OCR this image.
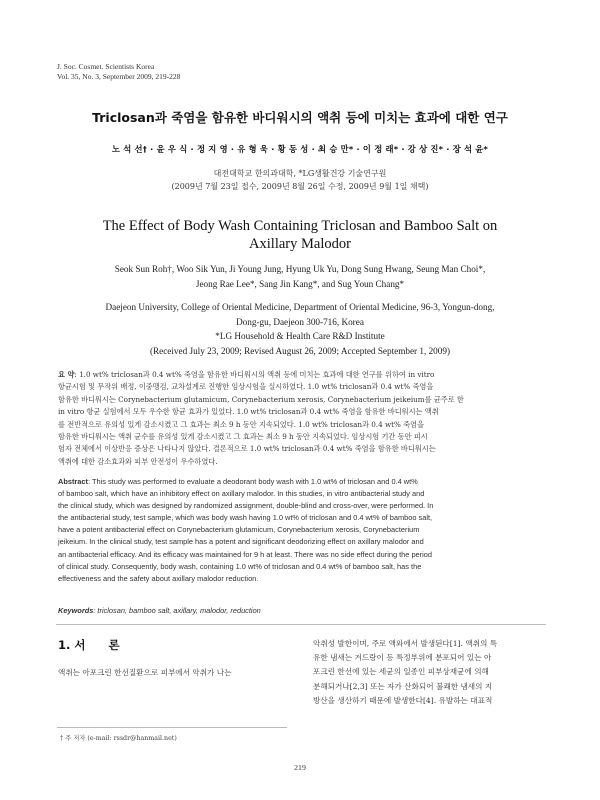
J. Soc. Cosmet. Scientists Korea
Vol. 35, No. 3, September 2009, 219-228
Triclosan과 죽염을 함유한 바디워시의 액취 등에 미치는 효과에 대한 연구
노 석 선† · 윤 우 식 · 정 지 영 · 유 형 욱 · 황 동 성 · 최 승 만* · 이 정 래* · 강 상 진* · 장 석 윤*
대전대학교 한의과대학, *LG생활건강 기술연구원
(2009년 7월 23일 접수, 2009년 8월 26일 수정, 2009년 9월 1일 채택)
The Effect of Body Wash Containing Triclosan and Bamboo Salt on
Axillary Malodor
Seok Sun Roh†, Woo Sik Yun, Ji Young Jung, Hyung Uk Yu, Dong Sung Hwang, Seung Man Choi*,
Jeong Rae Lee*, Sang Jin Kang*, and Sug Youn Chang*
Daejeon University, College of Oriental Medicine, Department of Oriental Medicine, 96-3, Yongun-dong,
Dong-gu, Daejeon 300-716, Korea
*LG Household & Health Care R&D Institute
(Received July 23, 2009; Revised August 26, 2009; Accepted September 1, 2009)
요 약: 1.0 wt% triclosan과 0.4 wt% 죽염을 함유한 바디워시의 액취 등에 미치는 효과에 대한 연구를 위하여 in vitro
항균시험 및 무작위 배정, 이중맹검, 교차설계로 진행한 임상시험을 실시하였다. 1.0 wt% triclosan과 0.4 wt% 죽염을
함유한 바디워시는 Corynebacterium glutamicum, Corynebacterium xerosis, Corynebacterium jeikeium를 균주로 한
in vitro 항균 실험에서 모두 우수한 항균 효과가 있었다. 1.0 wt% triclosan과 0.4 wt% 죽염을 함유한 바디워시는 액취
를 전반적으로 유의성 있게 감소시켰고 그 효과는 최소 9 h 동안 지속되었다. 1.0 wt% triclosan과 0.4 wt% 죽염을
함유한 바디워시는 액취 균수를 유의성 있게 감소시켰고 그 효과는 최소 9 h 동안 지속되었다. 임상시험 기간 동안 피시
험자 전체에서 이상반응 증상은 나타나지 않았다. 결론적으로 1.0 wt% triclosan과 0.4 wt% 죽염을 함유한 바디워시는
액취에 대한 감소효과와 피부 안전성이 우수하였다.
Abstract: This study was performed to evaluate a deodorant body wash with 1.0 wt% of triclosan and 0.4 wt%
of bamboo salt, which have an inhibitory effect on axillary malodor. In this studies, in vitro antibacterial study and
the clinical study, which was designed by randomized assignment, double-blind and cross-over, were performed. In
the antibacterial study, test sample, which was body wash having 1.0 wt% of triclosan and 0.4 wt% of bamboo salt,
have a potent antibacterial effect on Corynebacterium glutamicum, Corynebacterium xerosis, Corynebacterium
jeikeium. In the clinical study, test sample has a potent and significant deodorizing effect on axillary malodor and
an antibacterial efficacy. And its efficacy was maintained for 9 h at least. There was no side effect during the period
of clinical study. Consequently, body wash, containing 1.0 wt% of triclosan and 0.4 wt% of bamboo salt, has the
effectiveness and the safety about axillary malodor reduction.
Keywords: triclosan, bamboo salt, axillary, malodor, reduction
1. 서　　론
액취는 아포크린 한선질환으로 피부에서 악취가 나는
악취성 발한이며, 주로 액와에서 발생된다[1]. 액취의 특
유한 냄새는 겨드랑이 등 특정부위에 분포되어 있는 아
포크린 한선에 있는 세균의 일종인 피부상재균에 의해
분해되거나[2,3] 또는 자가 산화되어 불쾌한 냄새의 지
방산을 생산하기 때문에 발생한다[4]. 유발하는 대표적
† 주 저자 (e-mail: rssdr@hanmail.net)
219
